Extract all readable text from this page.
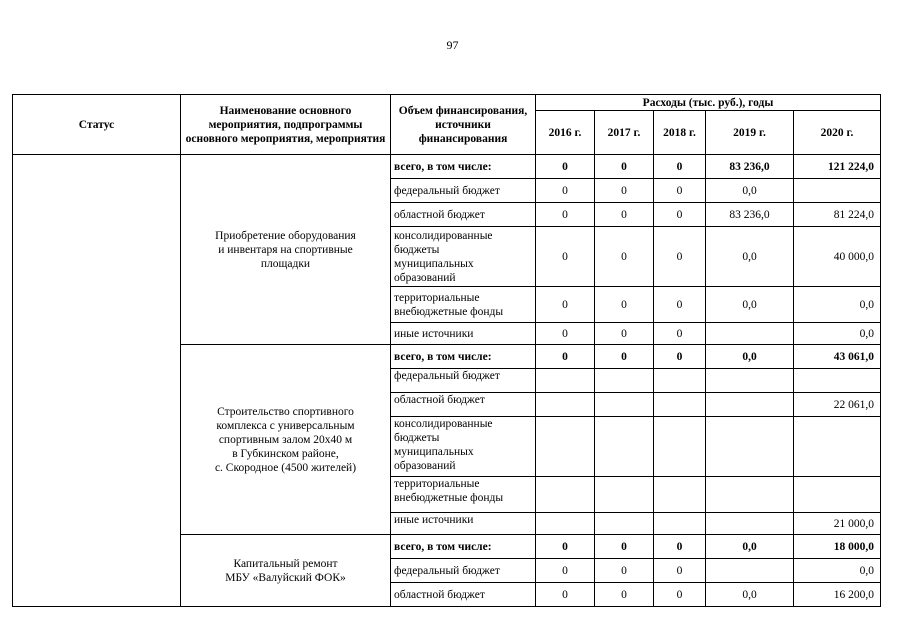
97
Статус	Наименование основного мероприятия, подпрограммы основного мероприятия, мероприятия	Объем финансирования, источники финансирования	Расходы (тыс. руб.), годы				
			2016 г.	2017 г.	2018 г.	2019 г.	2020 г.
	Приобретение оборудования
и инвентаря на спортивные
площадки	всего, в том числе:	0	0	0	83 236,0	121 224,0
		федеральный бюджет	0	0	0	0,0	
		областной бюджет	0	0	0	83 236,0	81 224,0
		консолидированные
бюджеты
муниципальных
образований	0	0	0	0,0	40 000,0
		территориальные
внебюджетные фонды	0	0	0	0,0	0,0
		иные источники	0	0	0		0,0
	Строительство спортивного
комплекса с универсальным
спортивным залом 20х40 м
в Губкинском районе,
с. Скородное (4500 жителей)	всего, в том числе:	0	0	0	0,0	43 061,0
		федеральный бюджет					
		областной бюджет					22 061,0
		консолидированные
бюджеты
муниципальных
образований					
		территориальные
внебюджетные фонды					
		иные источники					21 000,0
	Капитальный ремонт
МБУ «Валуйский ФОК»	всего, в том числе:	0	0	0	0,0	18 000,0
		федеральный бюджет	0	0	0		0,0
		областной бюджет	0	0	0	0,0	16 200,0
